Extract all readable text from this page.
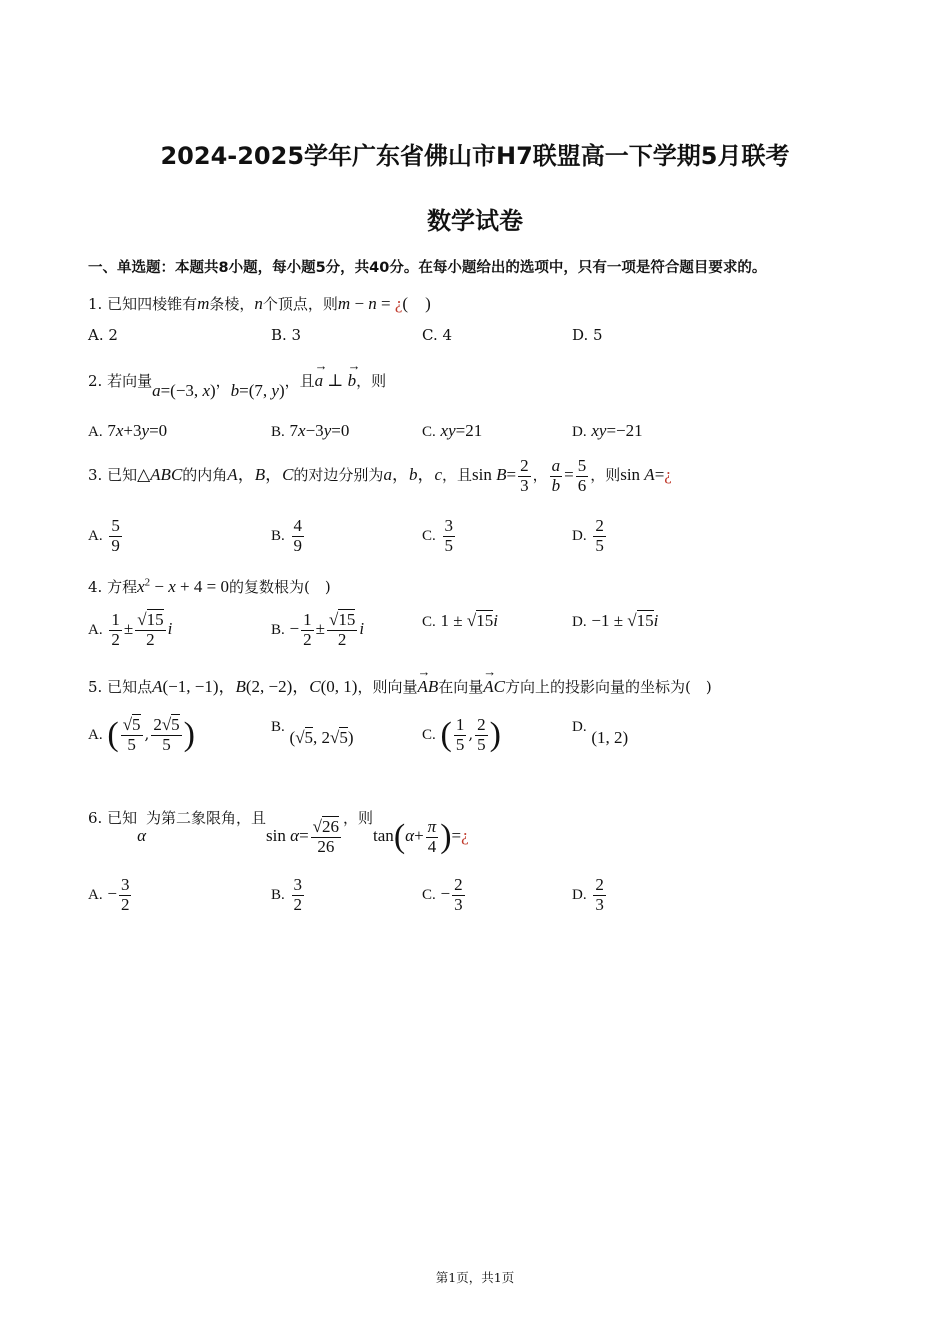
2024-2025学年广东省佛山市H7联盟高一下学期5月联考
数学试卷
一、单选题：本题共8小题，每小题5分，共40分。在每小题给出的选项中，只有一项是符合题目要求的。
1. 已知四棱锥有m条棱，n个顶点，则m − n = ¿(　)
A. 2	B. 3	C. 4	D. 5
2. 若向量a=(−3, x)，b=(7, y)，且→ a ⊥ → b，则
A. 7x+3y=0	B. 7x−3y=0	C. xy=21	D. xy=−21
3. 已知△ABC的内角A，B，C的对边分别为a，b，c，且$\sin B= \frac{2}{3}$ ， $\frac{a}{b} = \frac{5}{6}$ ，则sin A=¿
A. $\frac{5}{9}$	B. $\frac{4}{9}$	C. $\frac{3}{5}$	D. $\frac{2}{5}$
4. 方程$x^2 - x + 4 = 0$的复数根为(　)
A. $\frac{1}{2} \pm \frac{√15}{2}$ i	B. − $\frac{1}{2} \pm \frac{√15}{2}$ i	C. 1 ± √15i	D. −1 ± √15i
5. 已知点A(−1, −1)，B(2, −2)，C(0, 1)，则向量→ AB在向量→ AC方向上的投影向量的坐标为(　)
A. ( $\frac{√5}{5}$ , $\frac{2√5}{5}$ )	B. (√5, 2√5)	C. ( $\frac{1}{5}$ , $\frac{2}{5}$ )	D. (1, 2)
6. 已知α为第二象限角，且$\sin \alpha= \frac{√26}{26}$ ，则$\tan(\alpha+ \frac{\pi}{4}$ )=¿
A. − $\frac{3}{2}$	B. $\frac{3}{2}$	C. − $\frac{2}{3}$	D. $\frac{2}{3}$
第1页，共1页
